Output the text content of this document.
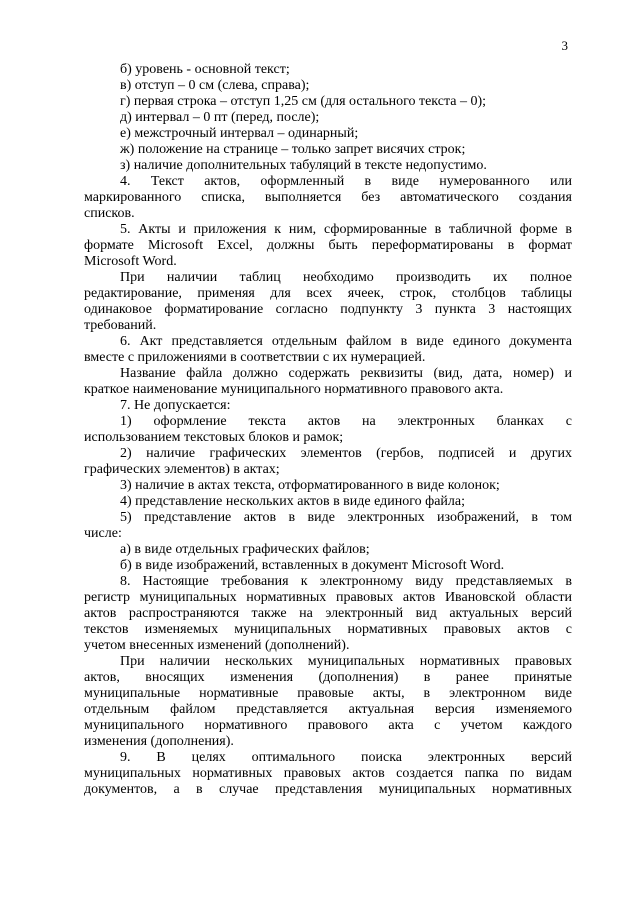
3
б) уровень - основной текст;
в) отступ – 0 см (слева, справа);
г) первая строка – отступ 1,25 см (для остального текста – 0);
д) интервал – 0 пт (перед, после);
е) межстрочный интервал – одинарный;
ж) положение на странице – только запрет висячих строк;
з) наличие дополнительных табуляций в тексте недопустимо.
4. Текст актов, оформленный в виде нумерованного или
маркированного списка, выполняется без автоматического создания
списков.
5. Акты и приложения к ним, сформированные в табличной форме в
формате Microsoft Excel, должны быть переформатированы в формат
Microsoft Word.
При наличии таблиц необходимо производить их полное
редактирование, применяя для всех ячеек, строк, столбцов таблицы
одинаковое форматирование согласно подпункту 3 пункта 3 настоящих
требований.
6. Акт представляется отдельным файлом в виде единого документа
вместе с приложениями в соответствии с их нумерацией.
Название файла должно содержать реквизиты (вид, дата, номер) и
краткое наименование муниципального нормативного правового акта.
7. Не допускается:
1) оформление текста актов на электронных бланках с
использованием текстовых блоков и рамок;
2) наличие графических элементов (гербов, подписей и других
графических элементов) в актах;
3) наличие в актах текста, отформатированного в виде колонок;
4) представление нескольких актов в виде единого файла;
5) представление актов в виде электронных изображений, в том
числе:
а) в виде отдельных графических файлов;
б) в виде изображений, вставленных в документ Microsoft Word.
8. Настоящие требования к электронному виду представляемых в
регистр муниципальных нормативных правовых актов Ивановской области
актов распространяются также на электронный вид актуальных версий
текстов изменяемых муниципальных нормативных правовых актов с
учетом внесенных изменений (дополнений).
При наличии нескольких муниципальных нормативных правовых
актов, вносящих изменения (дополнения) в ранее принятые
муниципальные нормативные правовые акты, в электронном виде
отдельным файлом представляется актуальная версия изменяемого
муниципального нормативного правового акта с учетом каждого
изменения (дополнения).
9. В целях оптимального поиска электронных версий
муниципальных нормативных правовых актов создается папка по видам
документов, а в случае представления муниципальных нормативных
